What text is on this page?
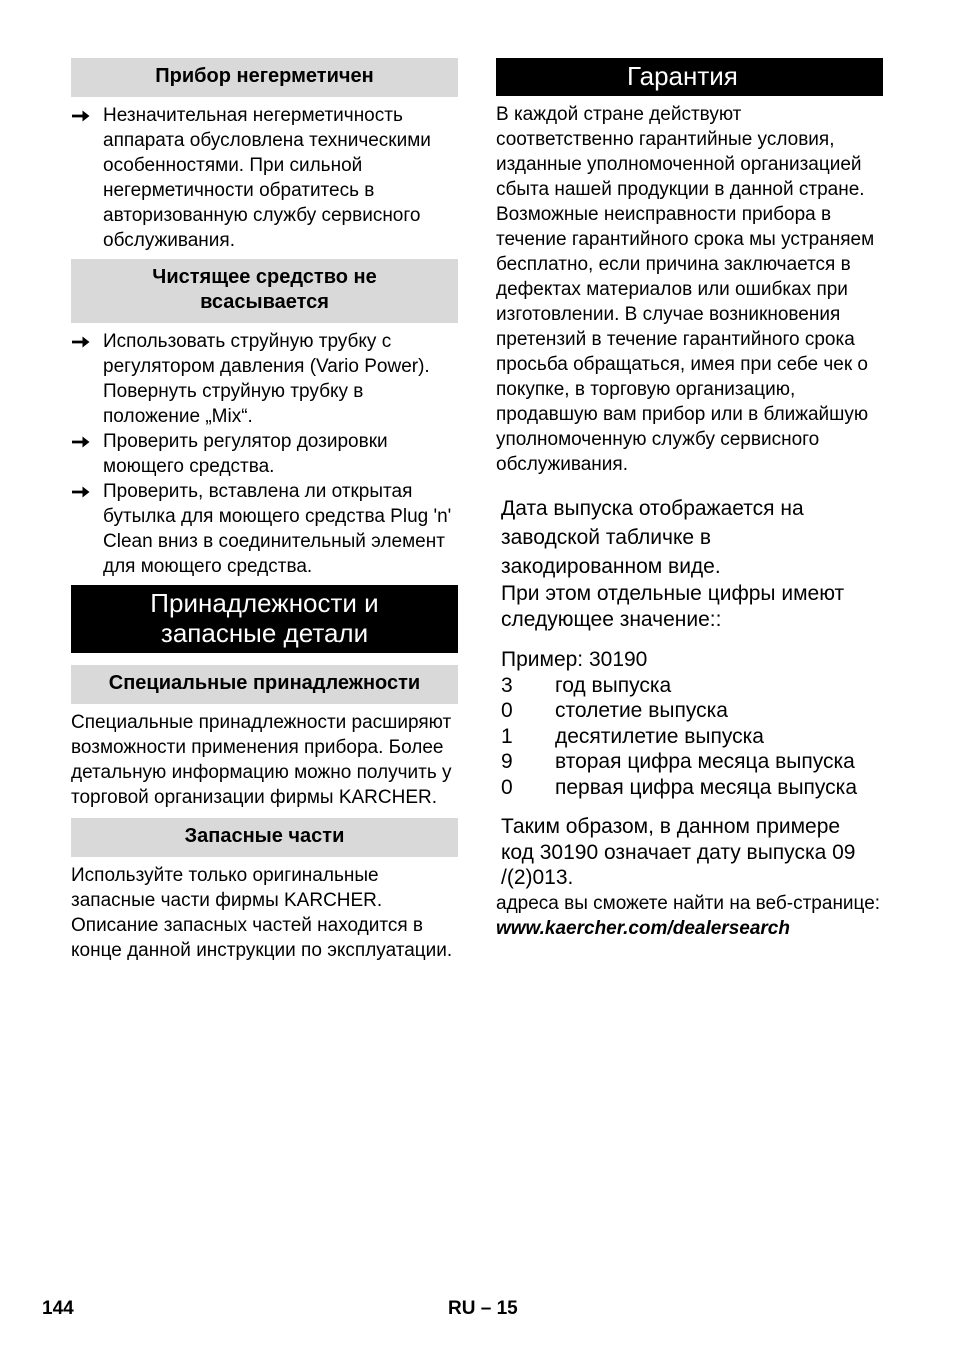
Прибор негерметичен
Незначительная негерметичность аппарата обусловлена техническими особенностями. При сильной негерметичности обратитесь в авторизованную службу сервисного обслуживания.
Чистящее средство не всасывается
Использовать струйную трубку с регулятором давления (Vario Power). Повернуть струйную трубку в положение „Mix“.
Проверить регулятор дозировки моющего средства.
Проверить, вставлена ли открытая бутылка для моющего средства Plug 'n' Clean вниз в соединительный элемент для моющего средства.
Принадлежности и запасные детали
Специальные принадлежности

Специальные принадлежности расширяют возможности применения прибора. Более детальную информацию можно получить у торговой организации фирмы KARCHER.

Запасные части

Используйте только оригинальные запасные части фирмы KARCHER. Описание запасных частей находится в конце данной инструкции по эксплуатации.

Гарантия

В каждой стране действуют соответственно гарантийные условия, изданные уполномоченной организацией сбыта нашей продукции в данной стране. Возможные неисправности прибора в течение гарантийного срока мы устраняем бесплатно, если причина заключается в дефектах материалов или ошибках при изготовлении. В случае возникновения претензий в течение гарантийного срока просьба обращаться, имея при себе чек о покупке, в торговую организацию, продавшую вам прибор или в ближайшую уполномоченную службу сервисного обслуживания.

Дата выпуска отображается на
заводской табличке в
закодированном виде.
При этом отдельные цифры имеют следующее значение::
Пример: 30190
3	год выпуска
0	столетие выпуска
1	десятилетие выпуска
9	вторая цифра месяца выпуска
0	первая цифра месяца выпуска
Таким образом, в данном примере код 30190 означает дату выпуска 09 /(2)013.

адреса вы сможете найти на веб-странице:

www.kaercher.com/dealersearch

144	RU – 15
